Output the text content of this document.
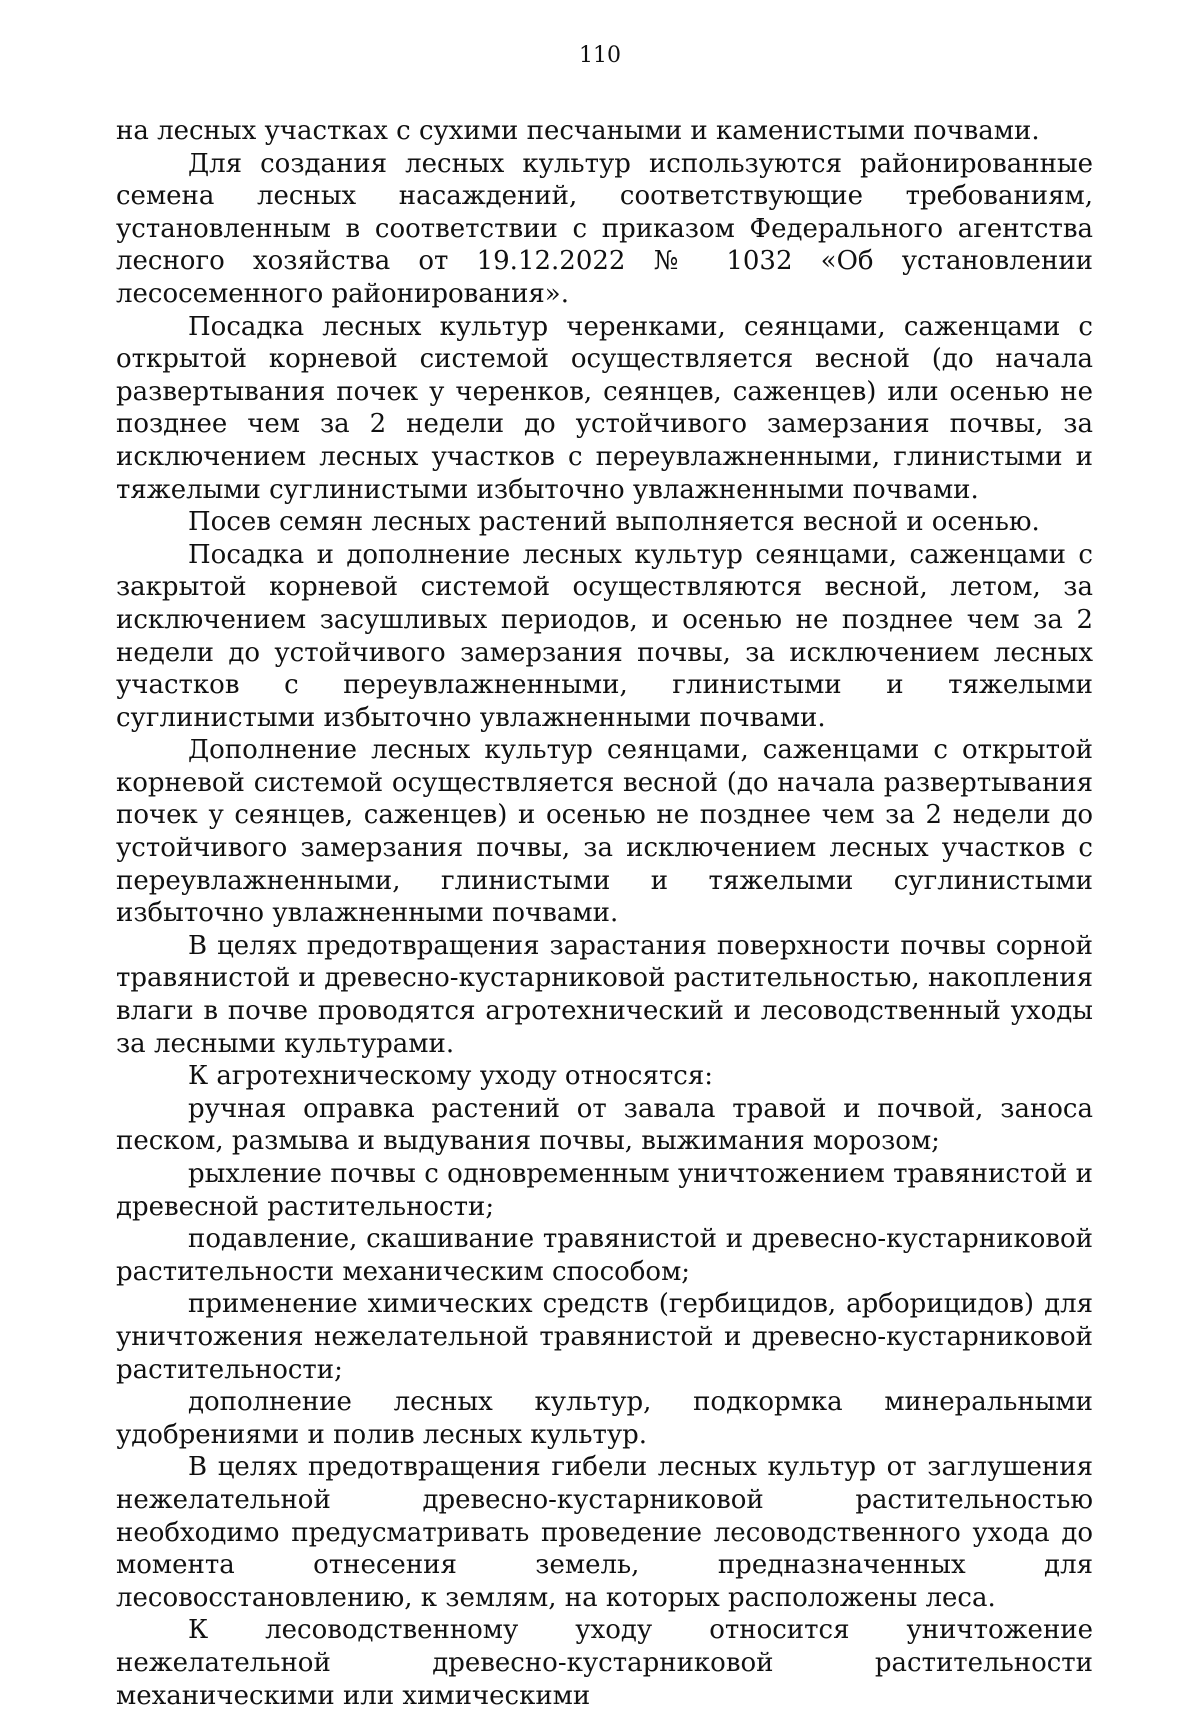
110

на лесных участках с сухими песчаными и каменистыми почвами.

Для создания лесных культур используются районированные семена лесных насаждений, соответствующие требованиям, установленным в соответствии с приказом Федерального агентства лесного хозяйства от 19.12.2022 № 1032 «Об установлении лесосеменного районирования».

Посадка лесных культур черенками, сеянцами, саженцами с открытой корневой системой осуществляется весной (до начала развертывания почек у черенков, сеянцев, саженцев) или осенью не позднее чем за 2 недели до устойчивого замерзания почвы, за исключением лесных участков с переувлажненными, глинистыми и тяжелыми суглинистыми избыточно увлажненными почвами.

Посев семян лесных растений выполняется весной и осенью.

Посадка и дополнение лесных культур сеянцами, саженцами с закрытой корневой системой осуществляются весной, летом, за исключением засушливых периодов, и осенью не позднее чем за 2 недели до устойчивого замерзания почвы, за исключением лесных участков с переувлажненными, глинистыми и тяжелыми суглинистыми избыточно увлажненными почвами.

Дополнение лесных культур сеянцами, саженцами с открытой корневой системой осуществляется весной (до начала развертывания почек у сеянцев, саженцев) и осенью не позднее чем за 2 недели до устойчивого замерзания почвы, за исключением лесных участков с переувлажненными, глинистыми и тяжелыми суглинистыми избыточно увлажненными почвами.

В целях предотвращения зарастания поверхности почвы сорной травянистой и древесно-кустарниковой растительностью, накопления влаги в почве проводятся агротехнический и лесоводственный уходы за лесными культурами.

К агротехническому уходу относятся:

ручная оправка растений от завала травой и почвой, заноса песком, размыва и выдувания почвы, выжимания морозом;

рыхление почвы с одновременным уничтожением травянистой и древесной растительности;

подавление, скашивание травянистой и древесно-кустарниковой растительности механическим способом;

применение химических средств (гербицидов, арборицидов) для уничтожения нежелательной травянистой и древесно-кустарниковой растительности;

дополнение лесных культур, подкормка минеральными удобрениями и полив лесных культур.

В целях предотвращения гибели лесных культур от заглушения нежелательной древесно-кустарниковой растительностью необходимо предусматривать проведение лесоводственного ухода до момента отнесения земель, предназначенных для лесовосстановлению, к землям, на которых расположены леса.

К лесоводственному уходу относится уничтожение нежелательной древесно-кустарниковой растительности механическими или химическими
